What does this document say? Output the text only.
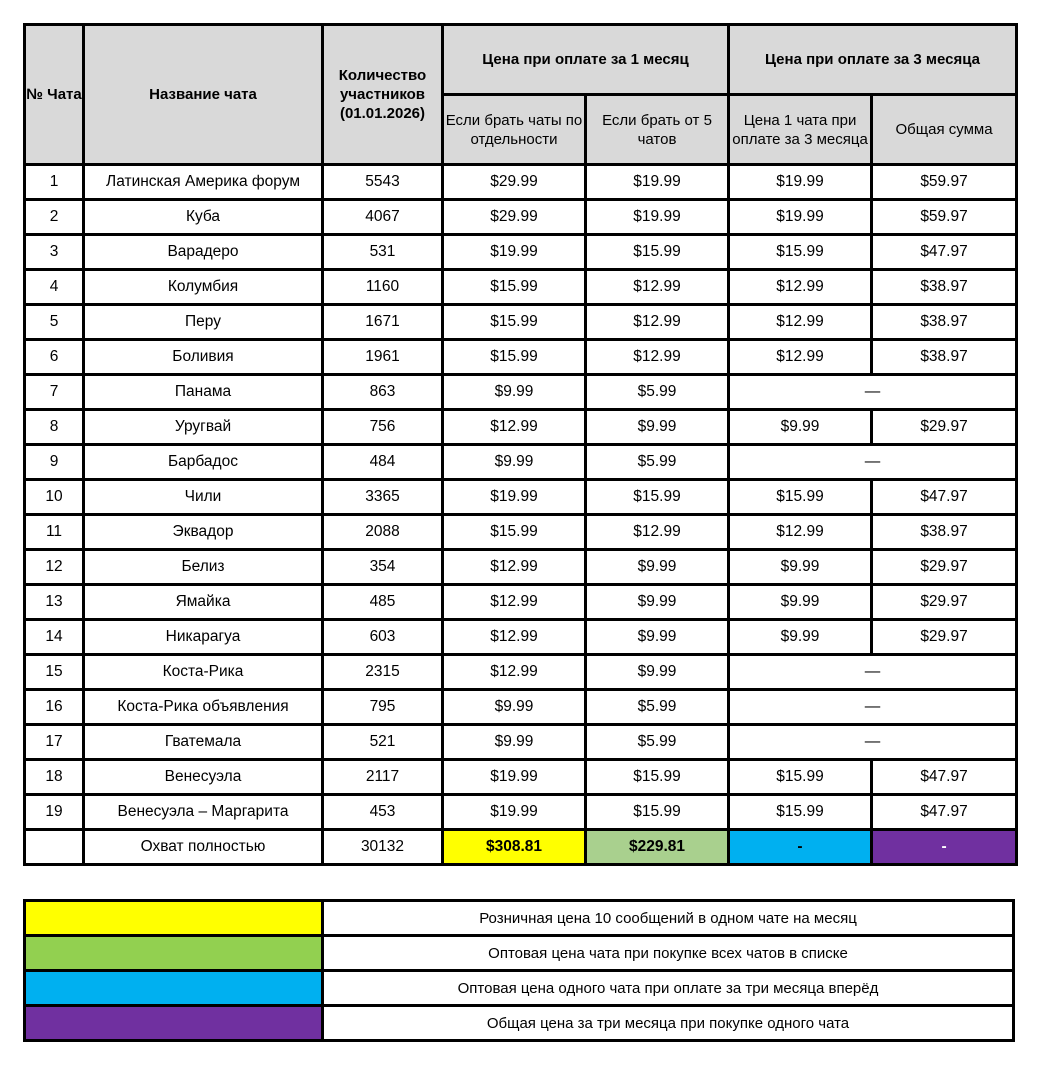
№ Чата	Название чата	Количество участников (01.01.2026)	Цена при оплате за 1 месяц		Цена при оплате за 3 месяца	
			Если брать чаты по отдельности	Если брать от 5 чатов	Цена 1 чата при оплате за 3 месяца	Общая сумма
1	Латинская Америка форум	5543	$29.99	$19.99	$19.99	$59.97
2	Куба	4067	$29.99	$19.99	$19.99	$59.97
3	Варадеро	531	$19.99	$15.99	$15.99	$47.97
4	Колумбия	1160	$15.99	$12.99	$12.99	$38.97
5	Перу	1671	$15.99	$12.99	$12.99	$38.97
6	Боливия	1961	$15.99	$12.99	$12.99	$38.97
7	Панама	863	$9.99	$5.99	—	
8	Уругвай	756	$12.99	$9.99	$9.99	$29.97
9	Барбадос	484	$9.99	$5.99	—	
10	Чили	3365	$19.99	$15.99	$15.99	$47.97
11	Эквадор	2088	$15.99	$12.99	$12.99	$38.97
12	Белиз	354	$12.99	$9.99	$9.99	$29.97
13	Ямайка	485	$12.99	$9.99	$9.99	$29.97
14	Никарагуа	603	$12.99	$9.99	$9.99	$29.97
15	Коста-Рика	2315	$12.99	$9.99	—	
16	Коста-Рика объявления	795	$9.99	$5.99	—	
17	Гватемала	521	$9.99	$5.99	—	
18	Венесуэла	2117	$19.99	$15.99	$15.99	$47.97
19	Венесуэла – Маргарита	453	$19.99	$15.99	$15.99	$47.97
	Охват полностью	30132	$308.81	$229.81	-	-
	Розничная цена 10 сообщений в одном чате на месяц
	Оптовая цена чата при покупке всех чатов в списке
	Оптовая цена одного чата при оплате за три месяца вперёд
	Общая цена за три месяца при покупке одного чата
